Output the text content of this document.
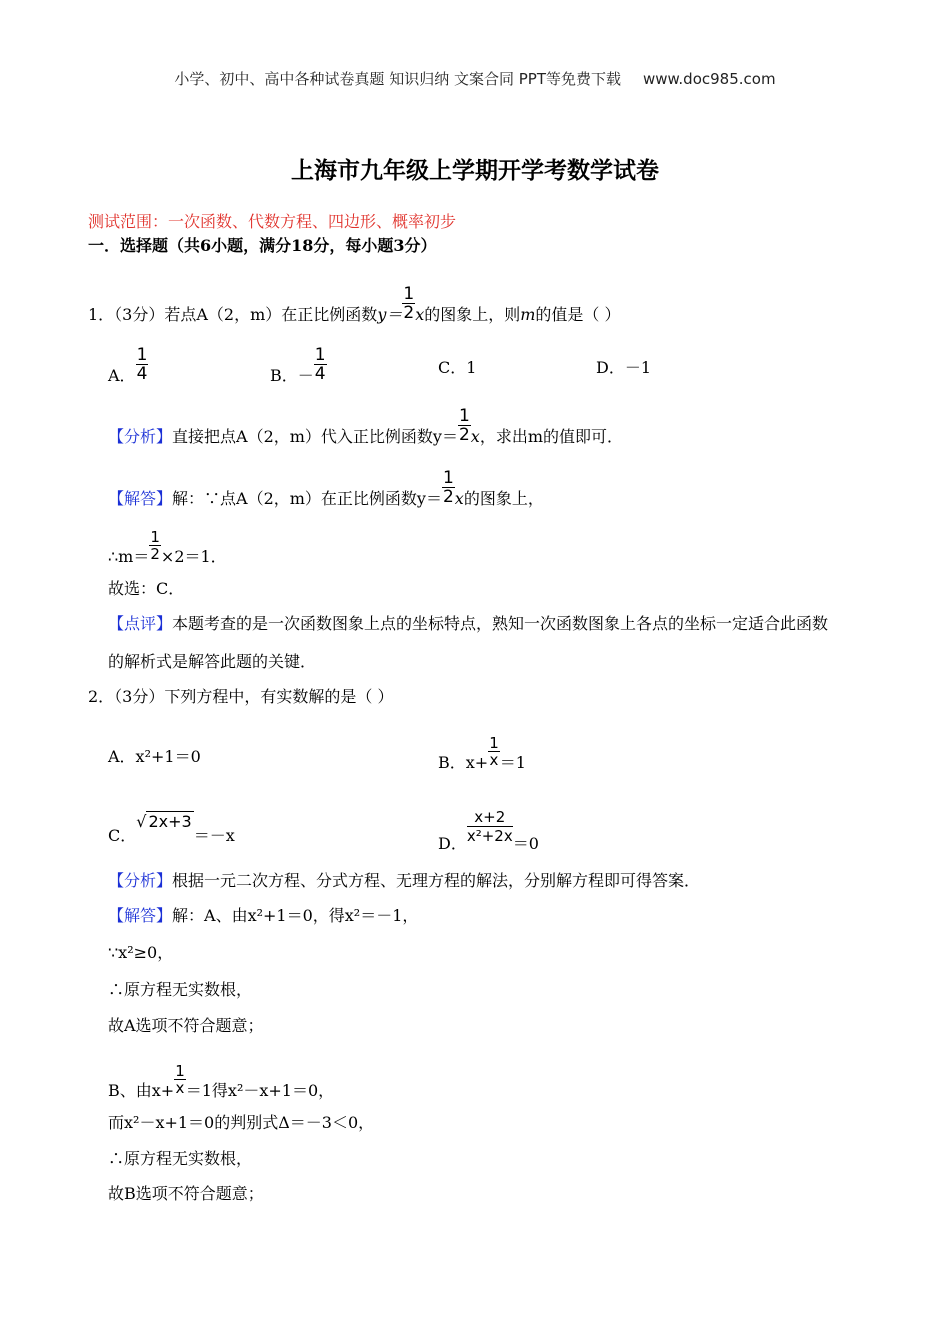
小学、初中、高中各种试卷真题 知识归纳 文案合同 PPT等免费下载 www.doc985.com
上海市九年级上学期开学考数学试卷
测试范围：一次函数、代数方程、四边形、概率初步
一．选择题（共6小题，满分18分，每小题3分）
1．（3分）若点A（2，m）在正比例函数$y= \frac{1}{2}$ x的图象上，则m的值是（ ）
A． $\frac{1}{4}$	B．－ $\frac{1}{4}$	C．1	D．－1
【分析】直接把点A（2，m）代入正比例函数$y= \frac{1}{2}$ x，求出m的值即可．
【解答】解：∵点A（2，m）在正比例函数$y= \frac{1}{2}$ x的图象上，
∴m＝ $\frac{1}{2} \times 2=1$．
故选：C．
【点评】本题考查的是一次函数图象上点的坐标特点，熟知一次函数图象上各点的坐标一定适合此函数
的解析式是解答此题的关键．
2．（3分）下列方程中，有实数解的是（ ）
A．x²+1＝0	B．$x+ \frac{1}{x} =1$
C．√ 2x+3＝－x	D． $\frac{x+2}{\text{x²+2x}} =0$
【分析】根据一元二次方程、分式方程、无理方程的解法，分别解方程即可得答案．
【解答】解：A、由x²+1＝0，得x²＝－1，
∵x²≥0，
∴原方程无实数根，
故A选项不符合题意；
B、由$x+ \frac{1}{x} =1$得x²－x+1＝0，
而x²－x+1＝0的判别式Δ＝－3＜0，
∴原方程无实数根，
故B选项不符合题意；
